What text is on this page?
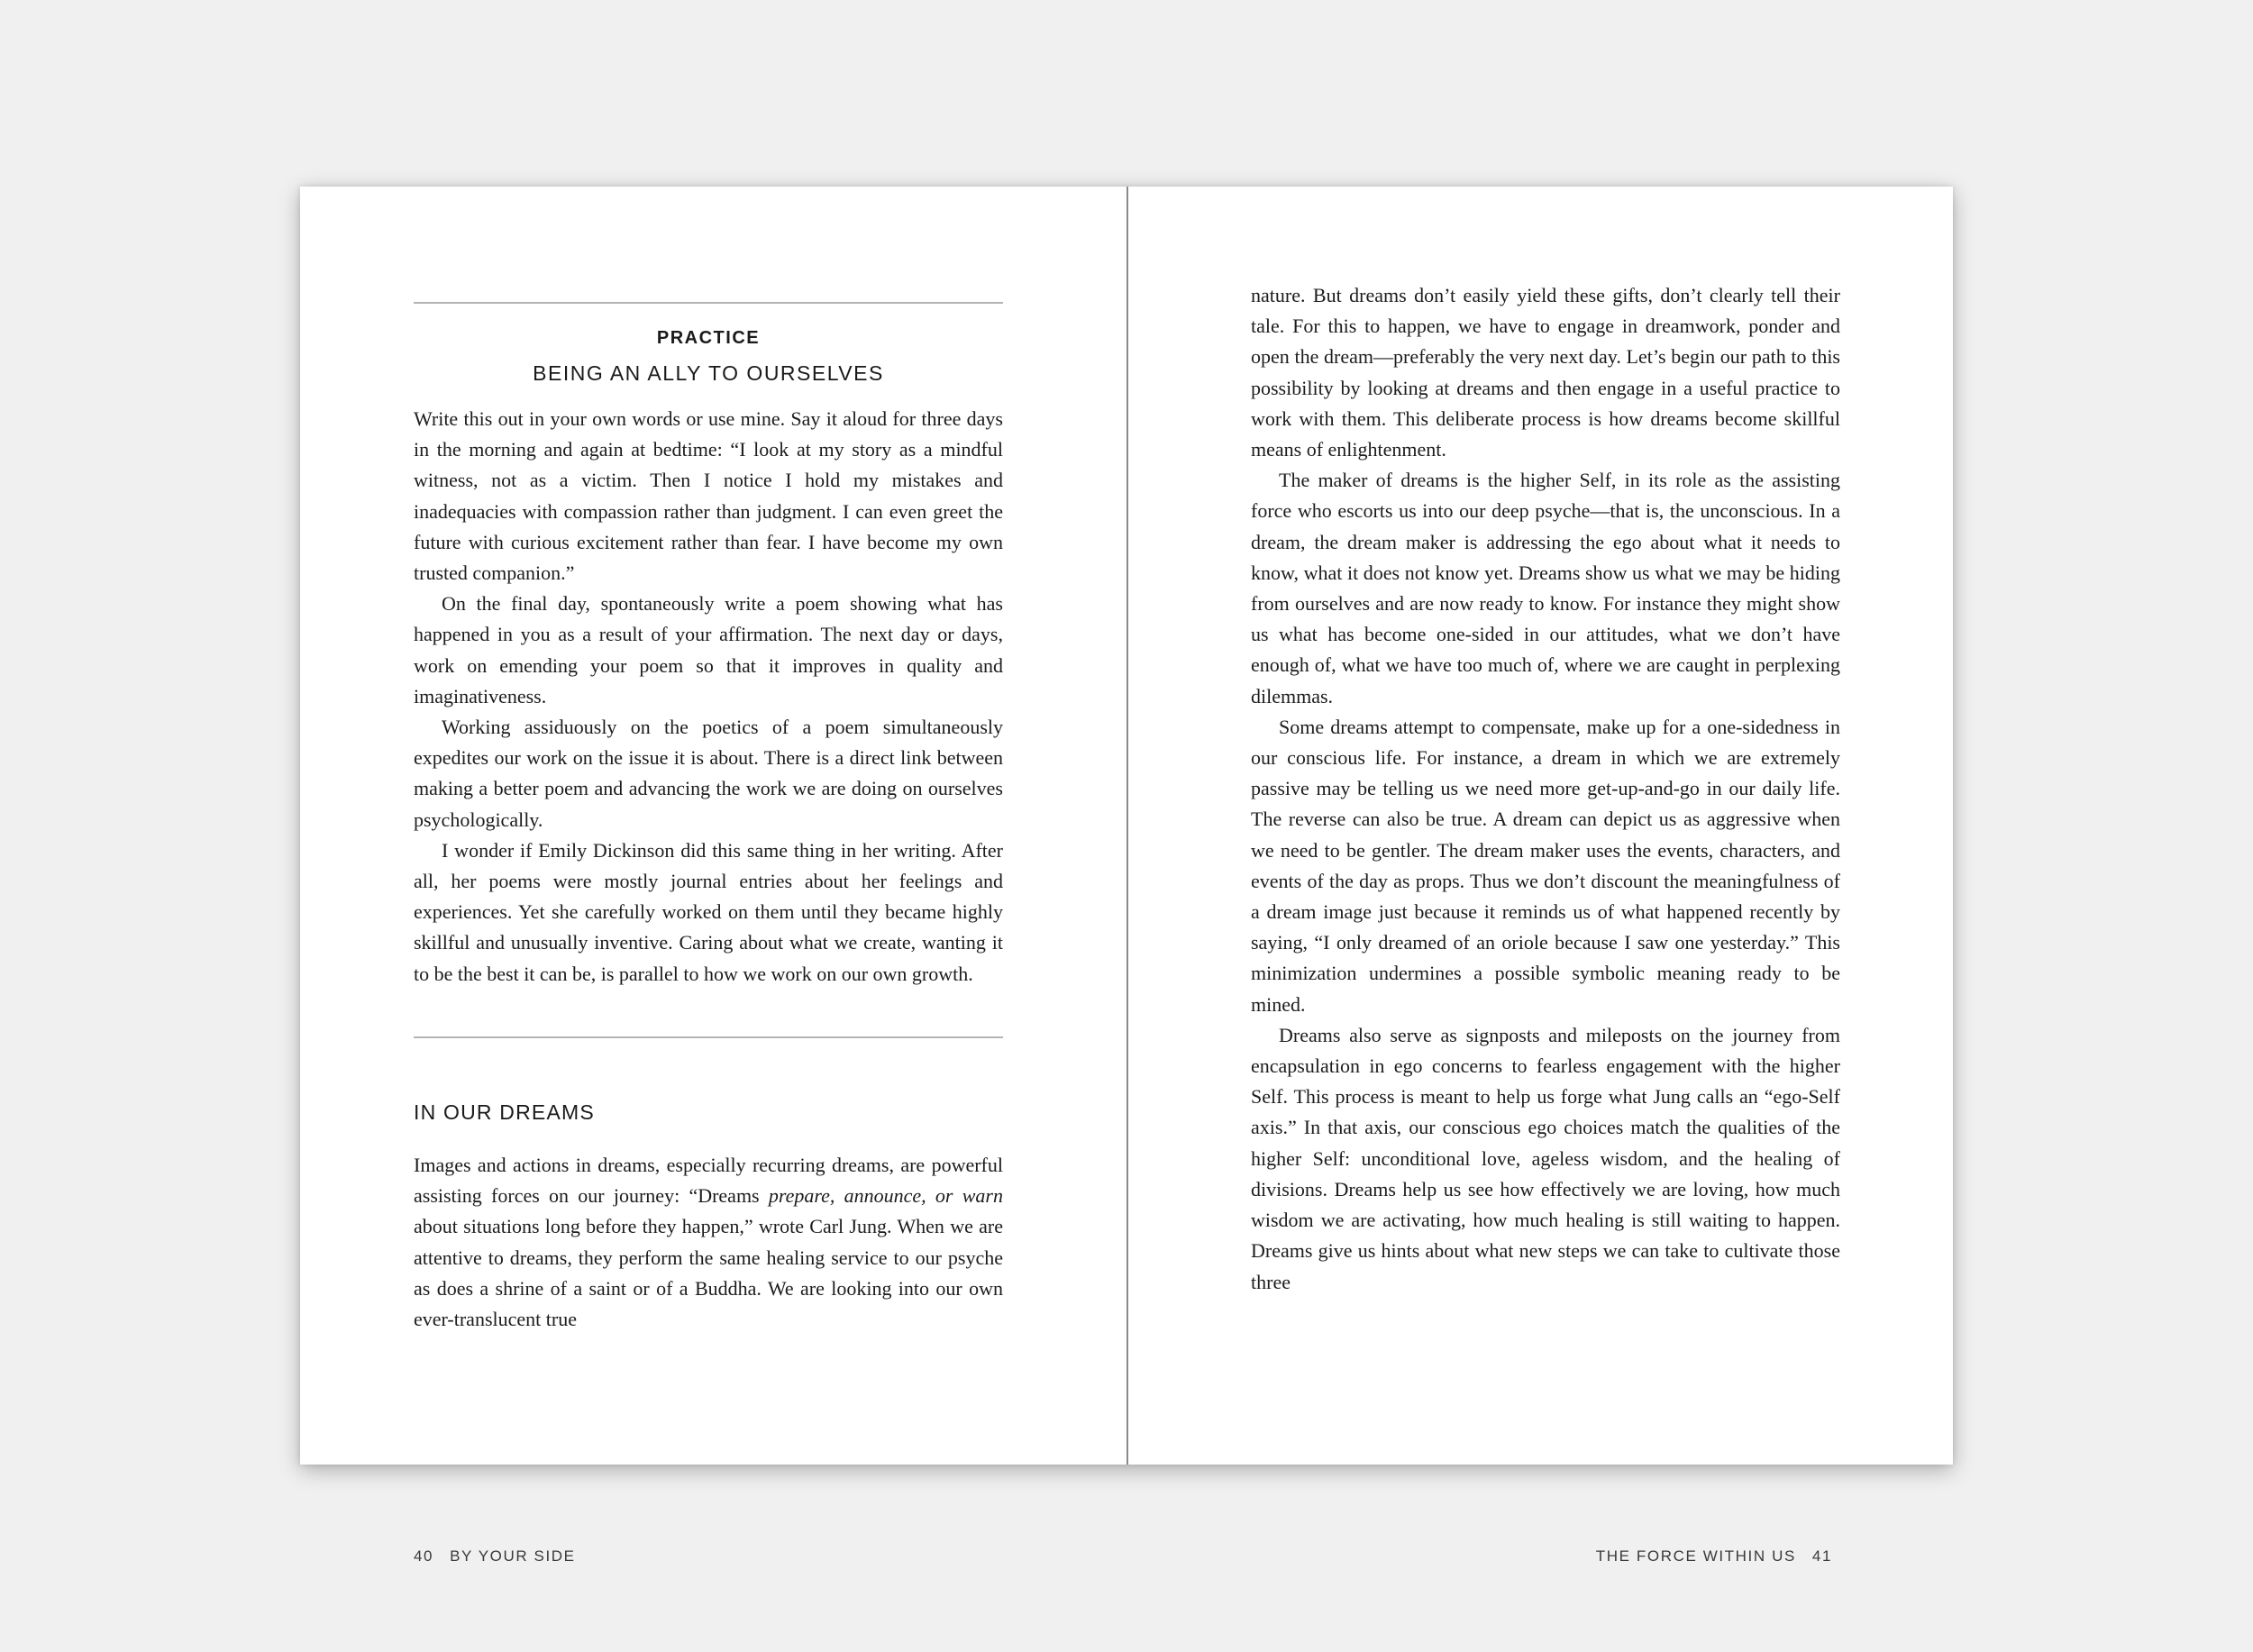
PRACTICE
BEING AN ALLY TO OURSELVES

Write this out in your own words or use mine. Say it aloud for three days in the morning and again at bedtime: “I look at my story as a mindful witness, not as a victim. Then I notice I hold my mistakes and inadequacies with compassion rather than judgment. I can even greet the future with curious excitement rather than fear. I have become my own trusted companion.”

On the final day, spontaneously write a poem showing what has happened in you as a result of your affirmation. The next day or days, work on emending your poem so that it improves in quality and imaginativeness.

Working assiduously on the poetics of a poem simultaneously expedites our work on the issue it is about. There is a direct link between making a better poem and advancing the work we are doing on ourselves psychologically.

I wonder if Emily Dickinson did this same thing in her writing. After all, her poems were mostly journal entries about her feelings and experiences. Yet she carefully worked on them until they became highly skillful and unusually inventive. Caring about what we create, wanting it to be the best it can be, is parallel to how we work on our own growth.

IN OUR DREAMS

Images and actions in dreams, especially recurring dreams, are powerful assisting forces on our journey: “Dreams prepare, announce, or warn about situations long before they happen,” wrote Carl Jung. When we are attentive to dreams, they perform the same healing service to our psyche as does a shrine of a saint or of a Buddha. We are looking into our own ever-translucent true

40 BY YOUR SIDE

nature. But dreams don’t easily yield these gifts, don’t clearly tell their tale. For this to happen, we have to engage in dreamwork, ponder and open the dream—preferably the very next day. Let’s begin our path to this possibility by looking at dreams and then engage in a useful practice to work with them. This deliberate process is how dreams become skillful means of enlightenment.

The maker of dreams is the higher Self, in its role as the assisting force who escorts us into our deep psyche—that is, the unconscious. In a dream, the dream maker is addressing the ego about what it needs to know, what it does not know yet. Dreams show us what we may be hiding from ourselves and are now ready to know. For instance they might show us what has become one-sided in our attitudes, what we don’t have enough of, what we have too much of, where we are caught in perplexing dilemmas.

Some dreams attempt to compensate, make up for a one-sidedness in our conscious life. For instance, a dream in which we are extremely passive may be telling us we need more get-up-and-go in our daily life. The reverse can also be true. A dream can depict us as aggressive when we need to be gentler. The dream maker uses the events, characters, and events of the day as props. Thus we don’t discount the meaningfulness of a dream image just because it reminds us of what happened recently by saying, “I only dreamed of an oriole because I saw one yesterday.” This minimization undermines a possible symbolic meaning ready to be mined.

Dreams also serve as signposts and mileposts on the journey from encapsulation in ego concerns to fearless engagement with the higher Self. This process is meant to help us forge what Jung calls an “ego-Self axis.” In that axis, our conscious ego choices match the qualities of the higher Self: unconditional love, ageless wisdom, and the healing of divisions. Dreams help us see how effectively we are loving, how much wisdom we are activating, how much healing is still waiting to happen. Dreams give us hints about what new steps we can take to cultivate those three

THE FORCE WITHIN US 41
